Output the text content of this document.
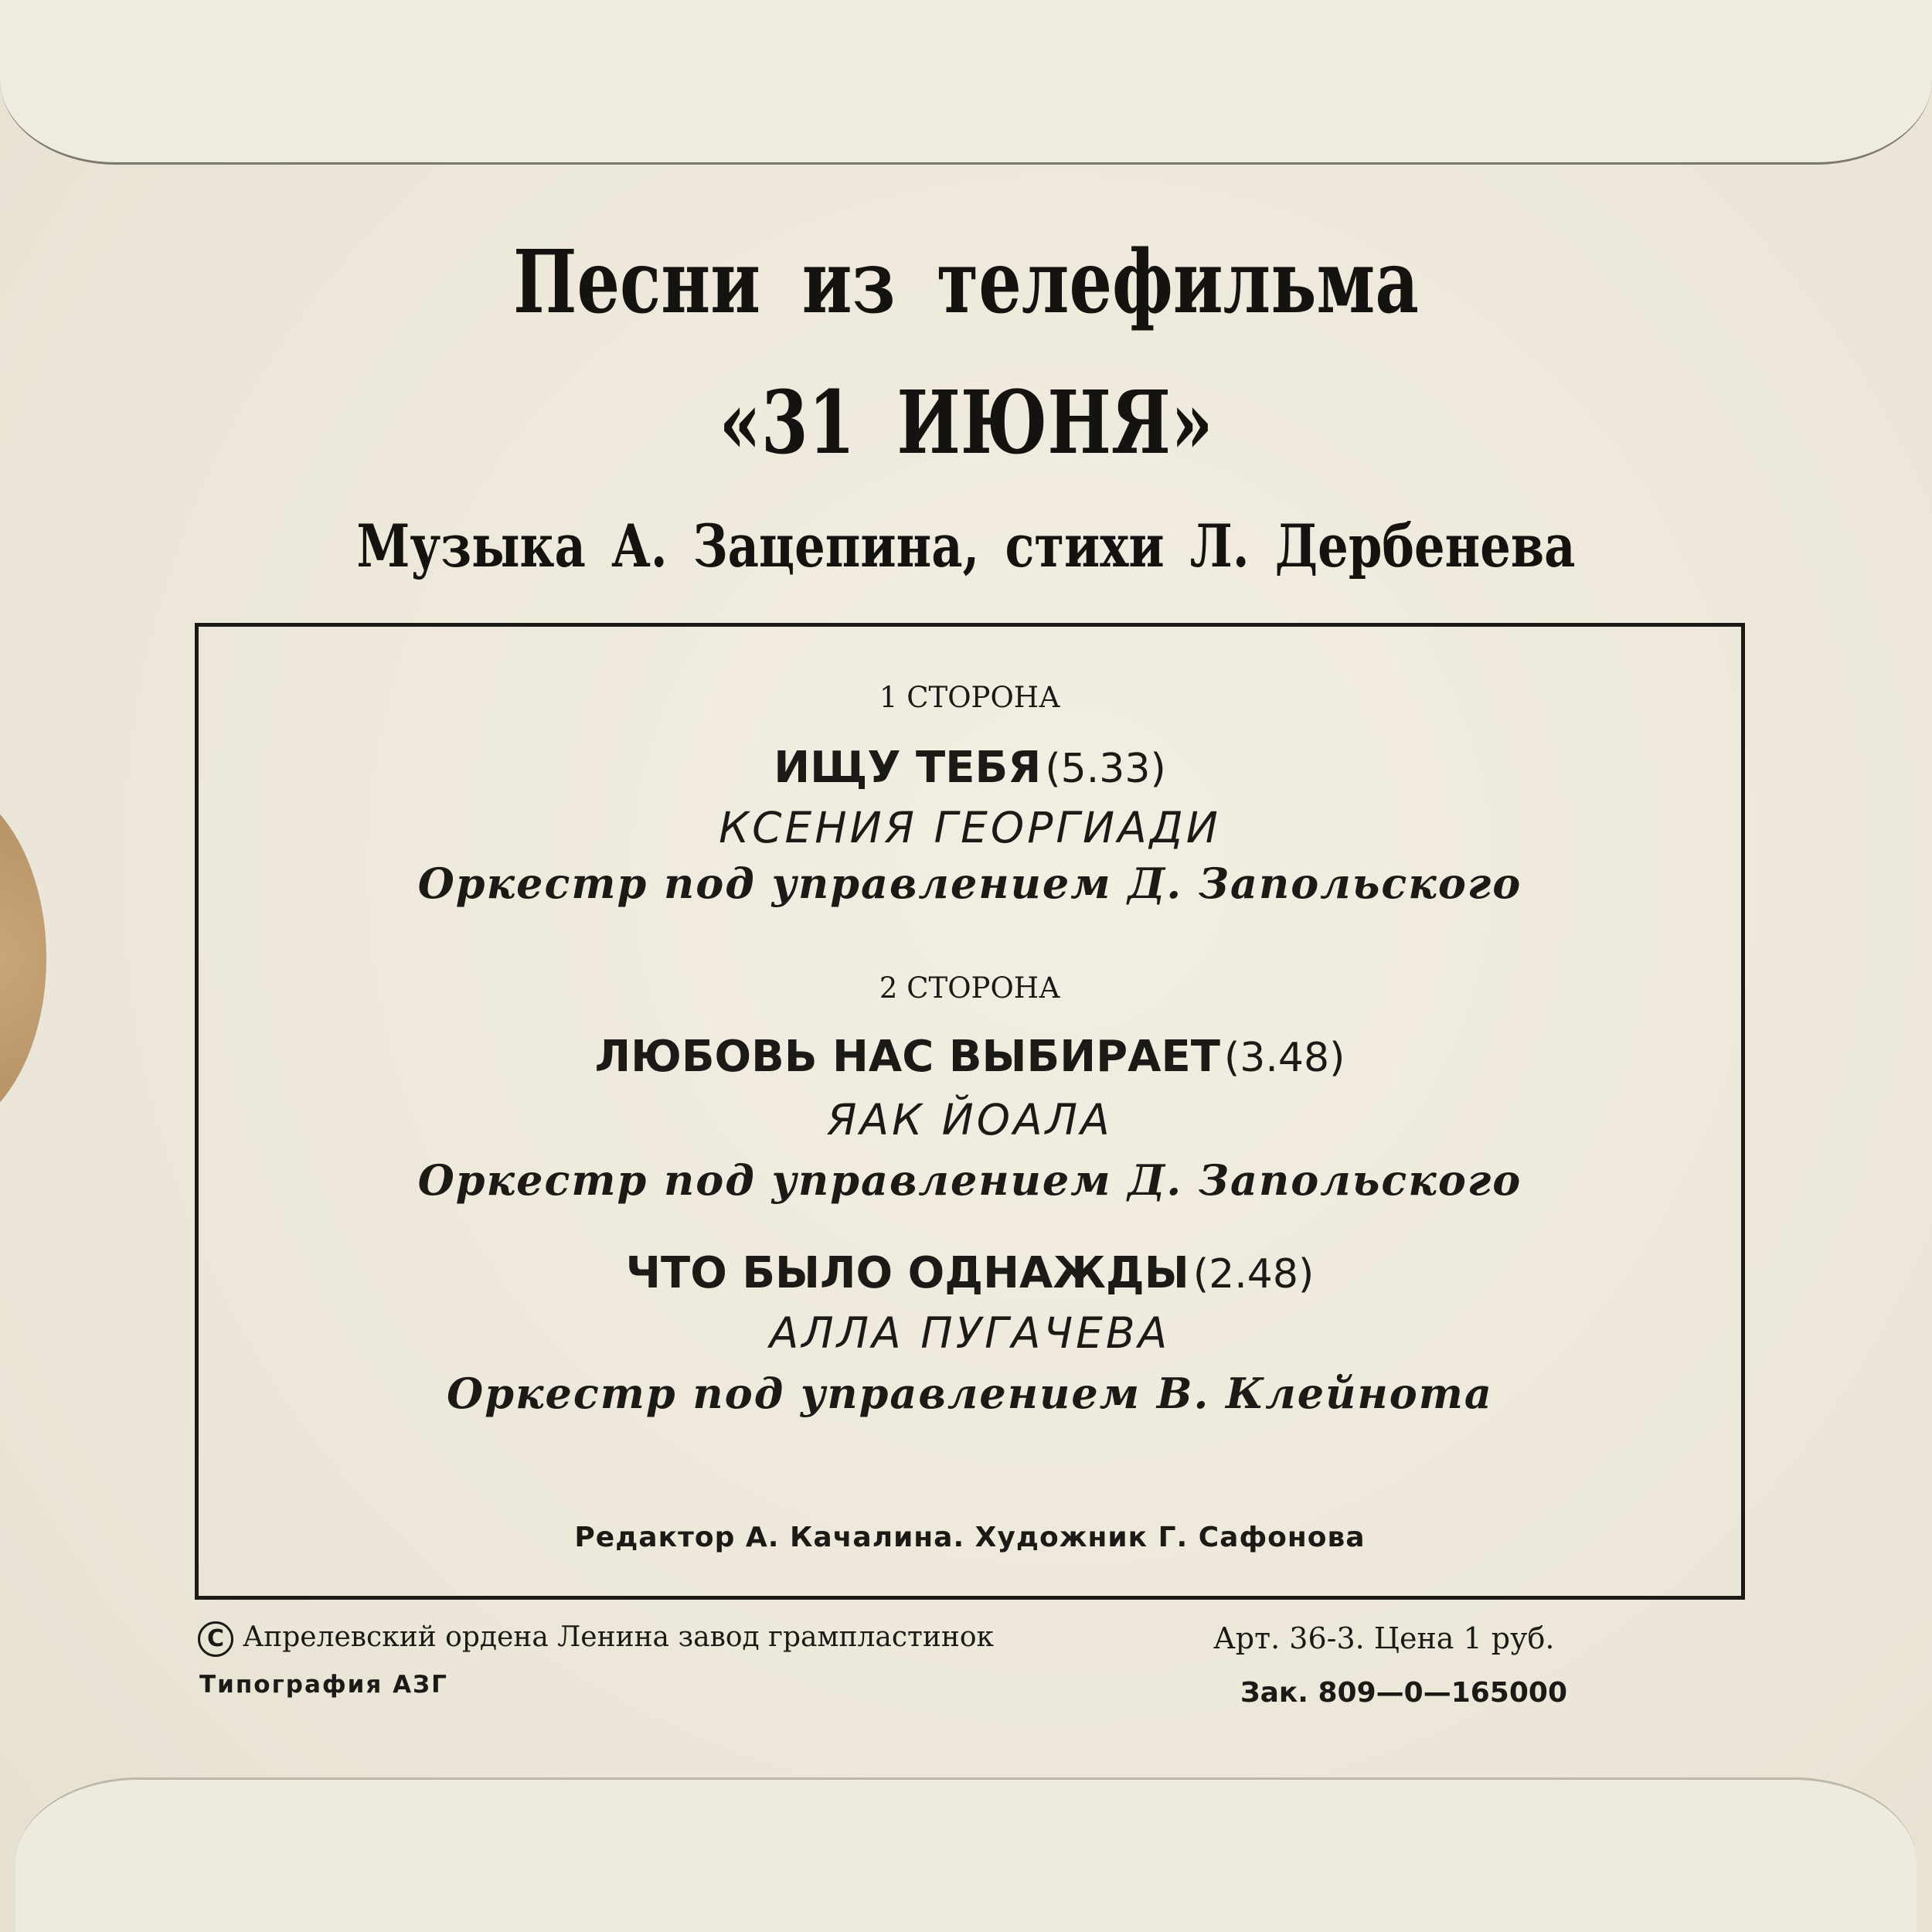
Песни из телефильма
«31 ИЮНЯ»
Музыка А. Зацепина, стихи Л. Дербенева
1 СТОРОНА
ИЩУ ТЕБЯ (5.33)
КСЕНИЯ ГЕОРГИАДИ
Оркестр под управлением Д. Запольского
2 СТОРОНА
ЛЮБОВЬ НАС ВЫБИРАЕТ (3.48)
ЯАК ЙОАЛА
Оркестр под управлением Д. Запольского
ЧТО БЫЛО ОДНАЖДЫ (2.48)
АЛЛА ПУГАЧЕВА
Оркестр под управлением В. Клейнота
Редактор А. Качалина. Художник Г. Сафонова
C Апрелевский ордена Ленина завод грампластинок
Типография АЗГ
Арт. 36-3. Цена 1 руб.
Зак. 809—0—165000
